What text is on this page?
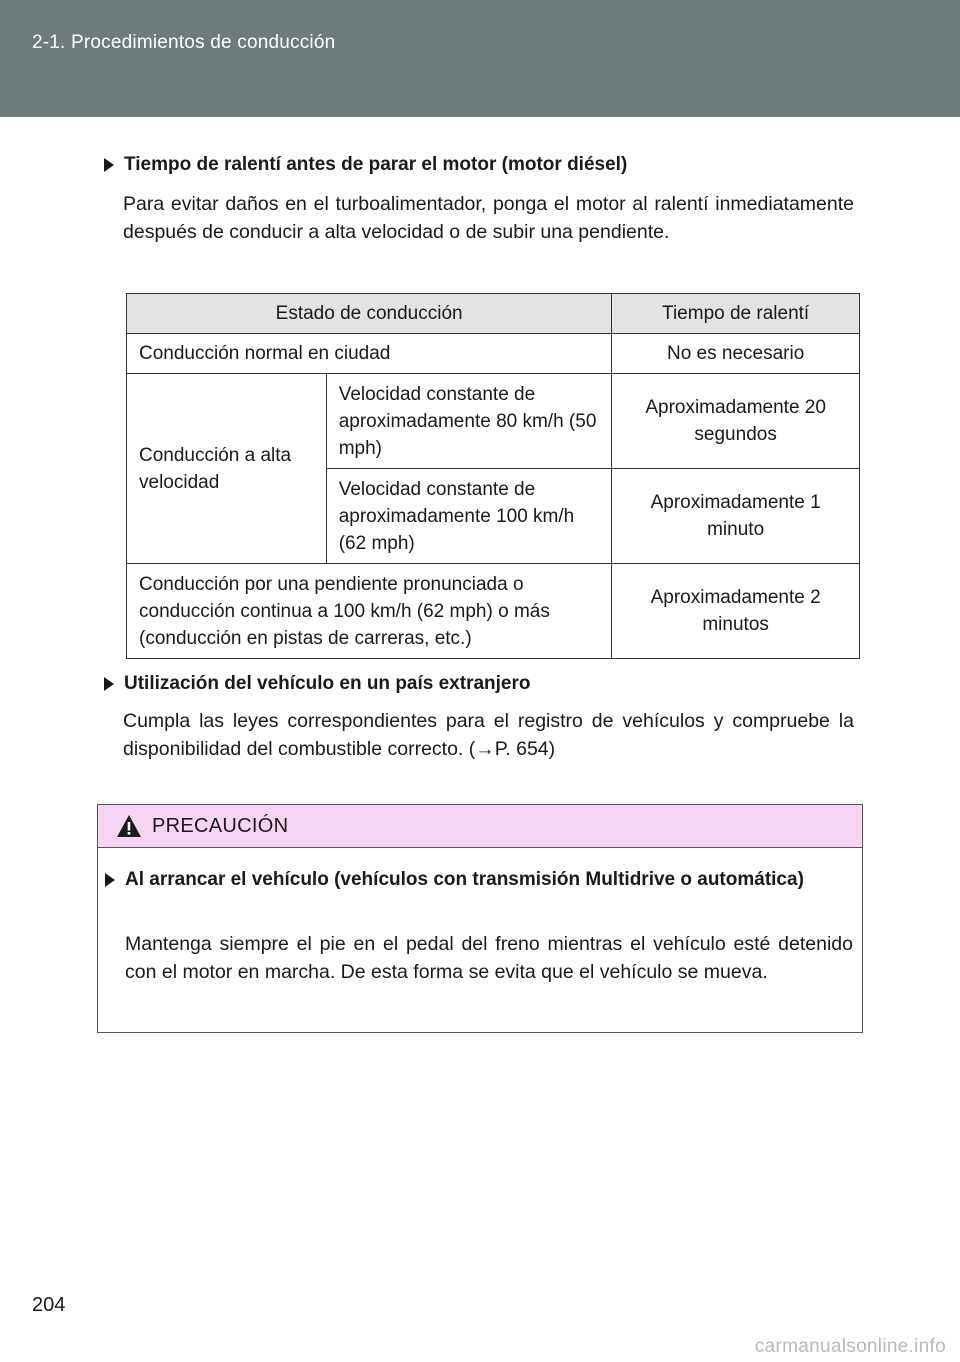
2-1. Procedimientos de conducción
Tiempo de ralentí antes de parar el motor (motor diésel)
Para evitar daños en el turboalimentador, ponga el motor al ralentí inmediatamente después de conducir a alta velocidad o de subir una pendiente.
Estado de conducción		Tiempo de ralentí
Conducción normal en ciudad		No es necesario
Conducción a alta velocidad	Velocidad constante de aproximadamente 80 km/h (50 mph)	Aproximadamente 20 segundos
	Velocidad constante de aproximadamente 100 km/h (62 mph)	Aproximadamente 1 minuto
Conducción por una pendiente pronunciada o conducción continua a 100 km/h (62 mph) o más (conducción en pistas de carreras, etc.)		Aproximadamente 2 minutos
Utilización del vehículo en un país extranjero
Cumpla las leyes correspondientes para el registro de vehículos y compruebe la disponibilidad del combustible correcto. (→P. 654)
PRECAUCIÓN
Al arrancar el vehículo (vehículos con transmisión Multidrive o automática)
Mantenga siempre el pie en el pedal del freno mientras el vehículo esté detenido con el motor en marcha. De esta forma se evita que el vehículo se mueva.
204
carmanualsonline.info
